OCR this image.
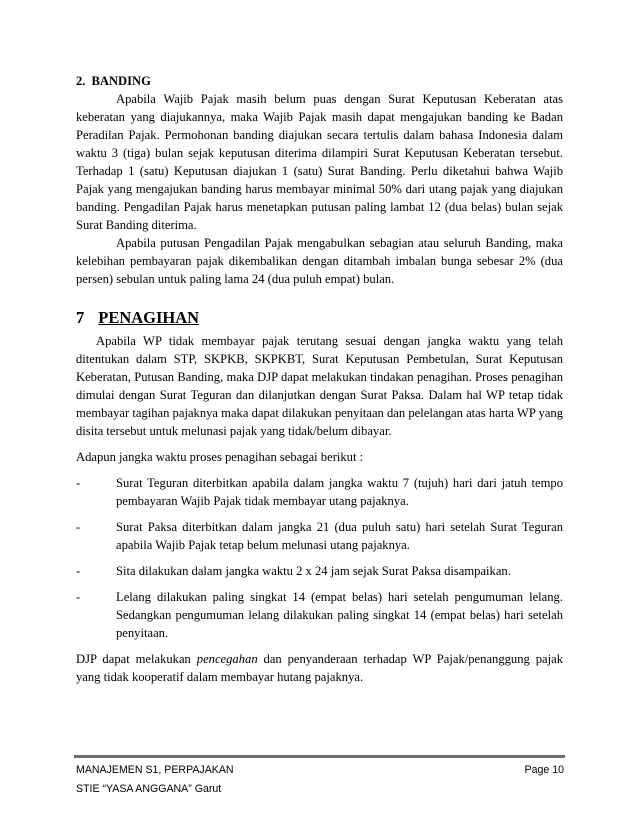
2. BANDING

Apabila Wajib Pajak masih belum puas dengan Surat Keputusan Keberatan atas keberatan yang diajukannya, maka Wajib Pajak masih dapat mengajukan banding ke Badan Peradilan Pajak. Permohonan banding diajukan secara tertulis dalam bahasa Indonesia dalam waktu 3 (tiga) bulan sejak keputusan diterima dilampiri Surat Keputusan Keberatan tersebut. Terhadap 1 (satu) Keputusan diajukan 1 (satu) Surat Banding. Perlu diketahui bahwa Wajib Pajak yang mengajukan banding harus membayar minimal 50% dari utang pajak yang diajukan banding. Pengadilan Pajak harus menetapkan putusan paling lambat 12 (dua belas) bulan sejak Surat Banding diterima.

Apabila putusan Pengadilan Pajak mengabulkan sebagian atau seluruh Banding, maka kelebihan pembayaran pajak dikembalikan dengan ditambah imbalan bunga sebesar 2% (dua persen) sebulan untuk paling lama 24 (dua puluh empat) bulan.

7 PENAGIHAN

Apabila WP tidak membayar pajak terutang sesuai dengan jangka waktu yang telah ditentukan dalam STP, SKPKB, SKPKBT, Surat Keputusan Pembetulan, Surat Keputusan Keberatan, Putusan Banding, maka DJP dapat melakukan tindakan penagihan. Proses penagihan dimulai dengan Surat Teguran dan dilanjutkan dengan Surat Paksa. Dalam hal WP tetap tidak membayar tagihan pajaknya maka dapat dilakukan penyitaan dan pelelangan atas harta WP yang disita tersebut untuk melunasi pajak yang tidak/belum dibayar.

Adapun jangka waktu proses penagihan sebagai berikut :

-	Surat Teguran diterbitkan apabila dalam jangka waktu 7 (tujuh) hari dari jatuh tempo pembayaran Wajib Pajak tidak membayar utang pajaknya.
-	Surat Paksa diterbitkan dalam jangka 21 (dua puluh satu) hari setelah Surat Teguran apabila Wajib Pajak tetap belum melunasi utang pajaknya.
-	Sita dilakukan dalam jangka waktu 2 x 24 jam sejak Surat Paksa disampaikan.
-	Lelang dilakukan paling singkat 14 (empat belas) hari setelah pengumuman lelang. Sedangkan pengumuman lelang dilakukan paling singkat 14 (empat belas) hari setelah penyitaan.

DJP dapat melakukan pencegahan dan penyanderaan terhadap WP Pajak/penanggung pajak yang tidak kooperatif dalam membayar hutang pajaknya.

MANAJEMEN S1, PERPAJAKAN	Page 10
STIE “YASA ANGGANA” Garut
